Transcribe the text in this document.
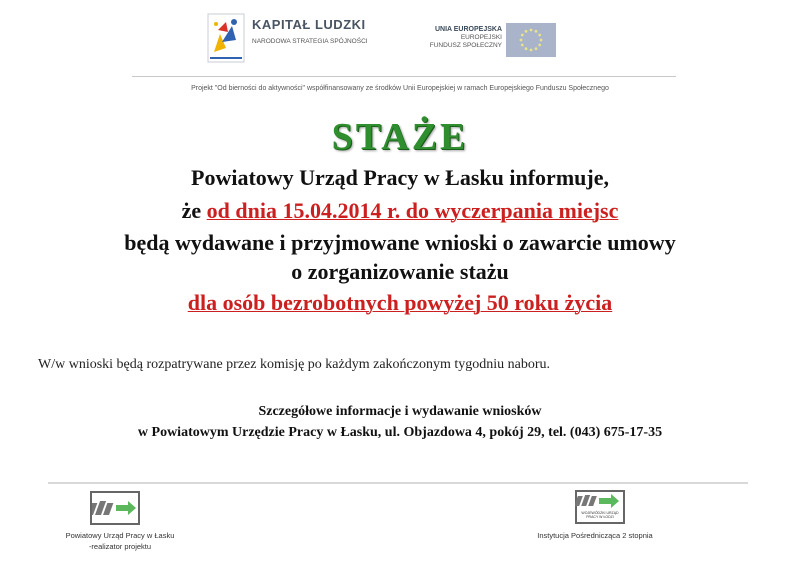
KAPITAŁ LUDZKI
NARODOWA STRATEGIA SPÓJNOŚCI
UNIA EUROPEJSKA
EUROPEJSKI
FUNDUSZ SPOŁECZNY
Projekt "Od bierności do aktywności" współfinansowany ze środków Unii Europejskiej w ramach Europejskiego Funduszu Społecznego
STAŻE
Powiatowy Urząd Pracy w Łasku informuje,
że od dnia 15.04.2014 r. do wyczerpania miejsc
będą wydawane i przyjmowane wnioski o zawarcie umowy
o zorganizowanie stażu
dla osób bezrobotnych powyżej 50 roku życia
W/w wnioski będą rozpatrywane przez komisję po każdym zakończonym tygodniu naboru.
Szczegółowe informacje i wydawanie wniosków
w Powiatowym Urzędzie Pracy w Łasku, ul. Objazdowa 4, pokój 29, tel. (043) 675-17-35
WOJEWÓDZKI URZĄD PRACY W ŁODZI
Powiatowy Urząd Pracy w Łasku
-realizator projektu
Instytucja Pośrednicząca 2 stopnia
